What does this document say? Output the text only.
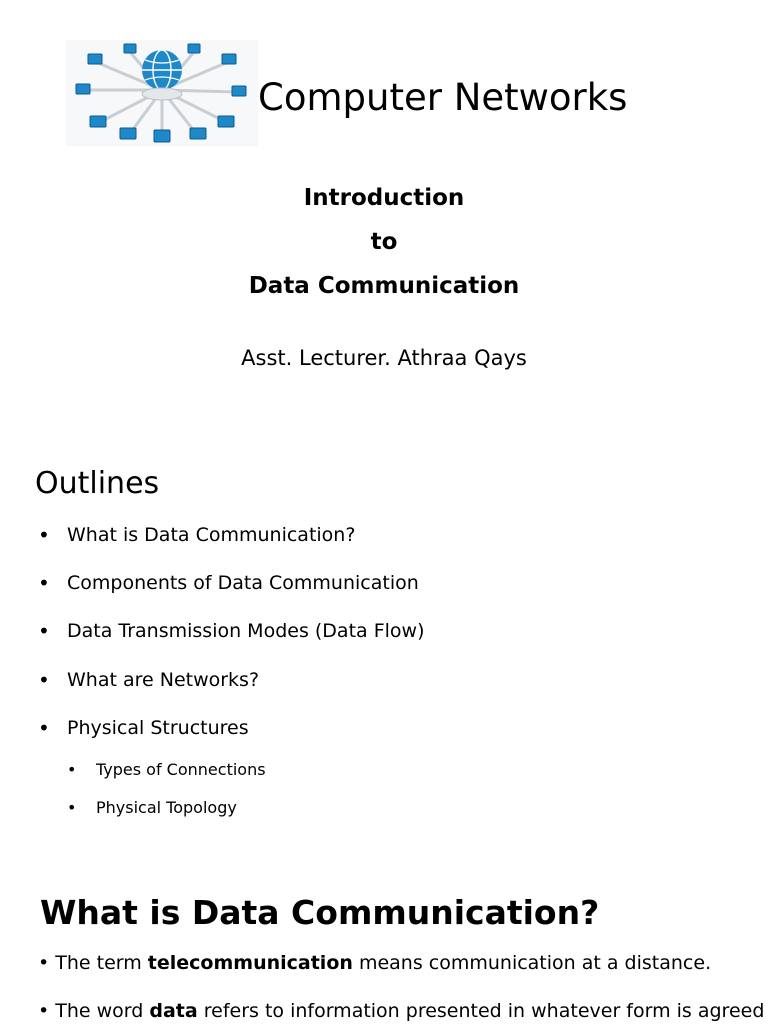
Computer Networks
Introduction
to
Data Communication
Asst. Lecturer. Athraa Qays
Outlines
• What is Data Communication?
• Components of Data Communication
• Data Transmission Modes (Data Flow)
• What are Networks?
• Physical Structures
• Types of Connections
• Physical Topology
What is Data Communication?
• The term telecommunication means communication at a distance.
• The word data refers to information presented in whatever form is agreed
